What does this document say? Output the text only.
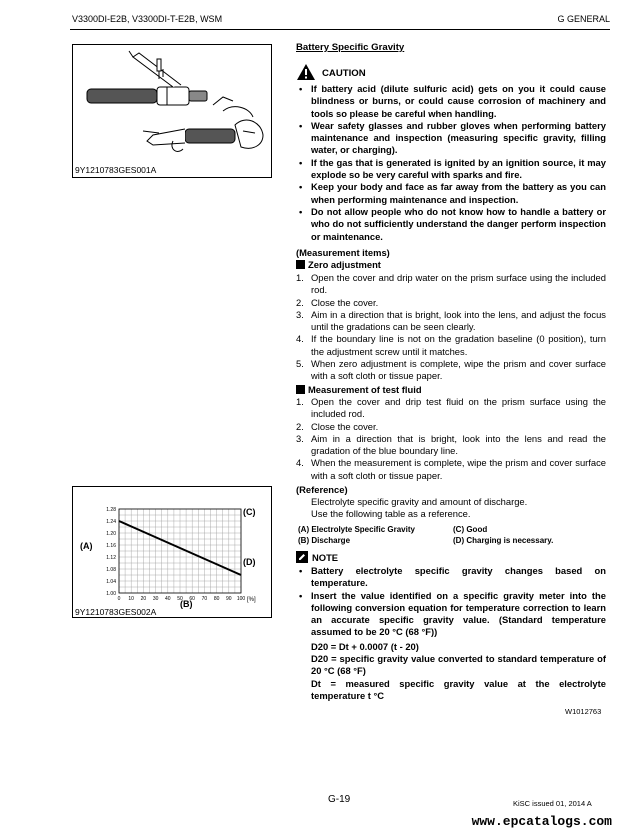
V3300DI-E2B, V3300DI-T-E2B, WSM	G GENERAL
9Y1210783GES001A
1.00
1.04
1.08
1.12
1.16
1.20
1.24
1.28
0 10 20 30 40 50 60 70 80 90 100
9Y1210783GES002A
(A)
(C)
(D)
(B)	[%]
Battery Specific Gravity
CAUTION
• If battery acid (dilute sulfuric acid) gets on you it could cause blindness or burns, or could cause corrosion of machinery and tools so please be careful when handling.
• Wear safety glasses and rubber gloves when performing battery maintenance and inspection (measuring specific gravity, filling water, or charging).
• If the gas that is generated is ignited by an ignition source, it may explode so be very careful with sparks and fire.
• Keep your body and face as far away from the battery as you can when performing maintenance and inspection.
• Do not allow people who do not know how to handle a battery or who do not sufficiently understand the danger perform inspection or maintenance.
(Measurement items)
Zero adjustment
1. Open the cover and drip water on the prism surface using the included rod.
2. Close the cover.
3. Aim in a direction that is bright, look into the lens, and adjust the focus until the gradations can be seen clearly.
4. If the boundary line is not on the gradation baseline (0 position), turn the adjustment screw until it matches.
5. When zero adjustment is complete, wipe the prism and cover surface with a soft cloth or tissue paper.
Measurement of test fluid
1. Open the cover and drip test fluid on the prism surface using the included rod.
2. Close the cover.
3. Aim in a direction that is bright, look into the lens and read the gradation of the blue boundary line.
4. When the measurement is complete, wipe the prism and cover surface with a soft cloth or tissue paper.
(Reference)
Electrolyte specific gravity and amount of discharge.
Use the following table as a reference.
(A) Electrolyte Specific Gravity	(C) Good
(B) Discharge	(D) Charging is necessary.
NOTE
• Battery electrolyte specific gravity changes based on temperature.
• Insert the value identified on a specific gravity meter into the following conversion equation for temperature correction to learn an accurate specific gravity value. (Standard temperature assumed to be 20 °C (68 °F))
D20 = Dt + 0.0007 (t - 20)
D20 = specific gravity value converted to standard temperature of 20 °C (68 °F)
Dt = measured specific gravity value at the electrolyte temperature t °C
W1012763
G-19	KiSC issued 01, 2014 A
www.epcatalogs.com
